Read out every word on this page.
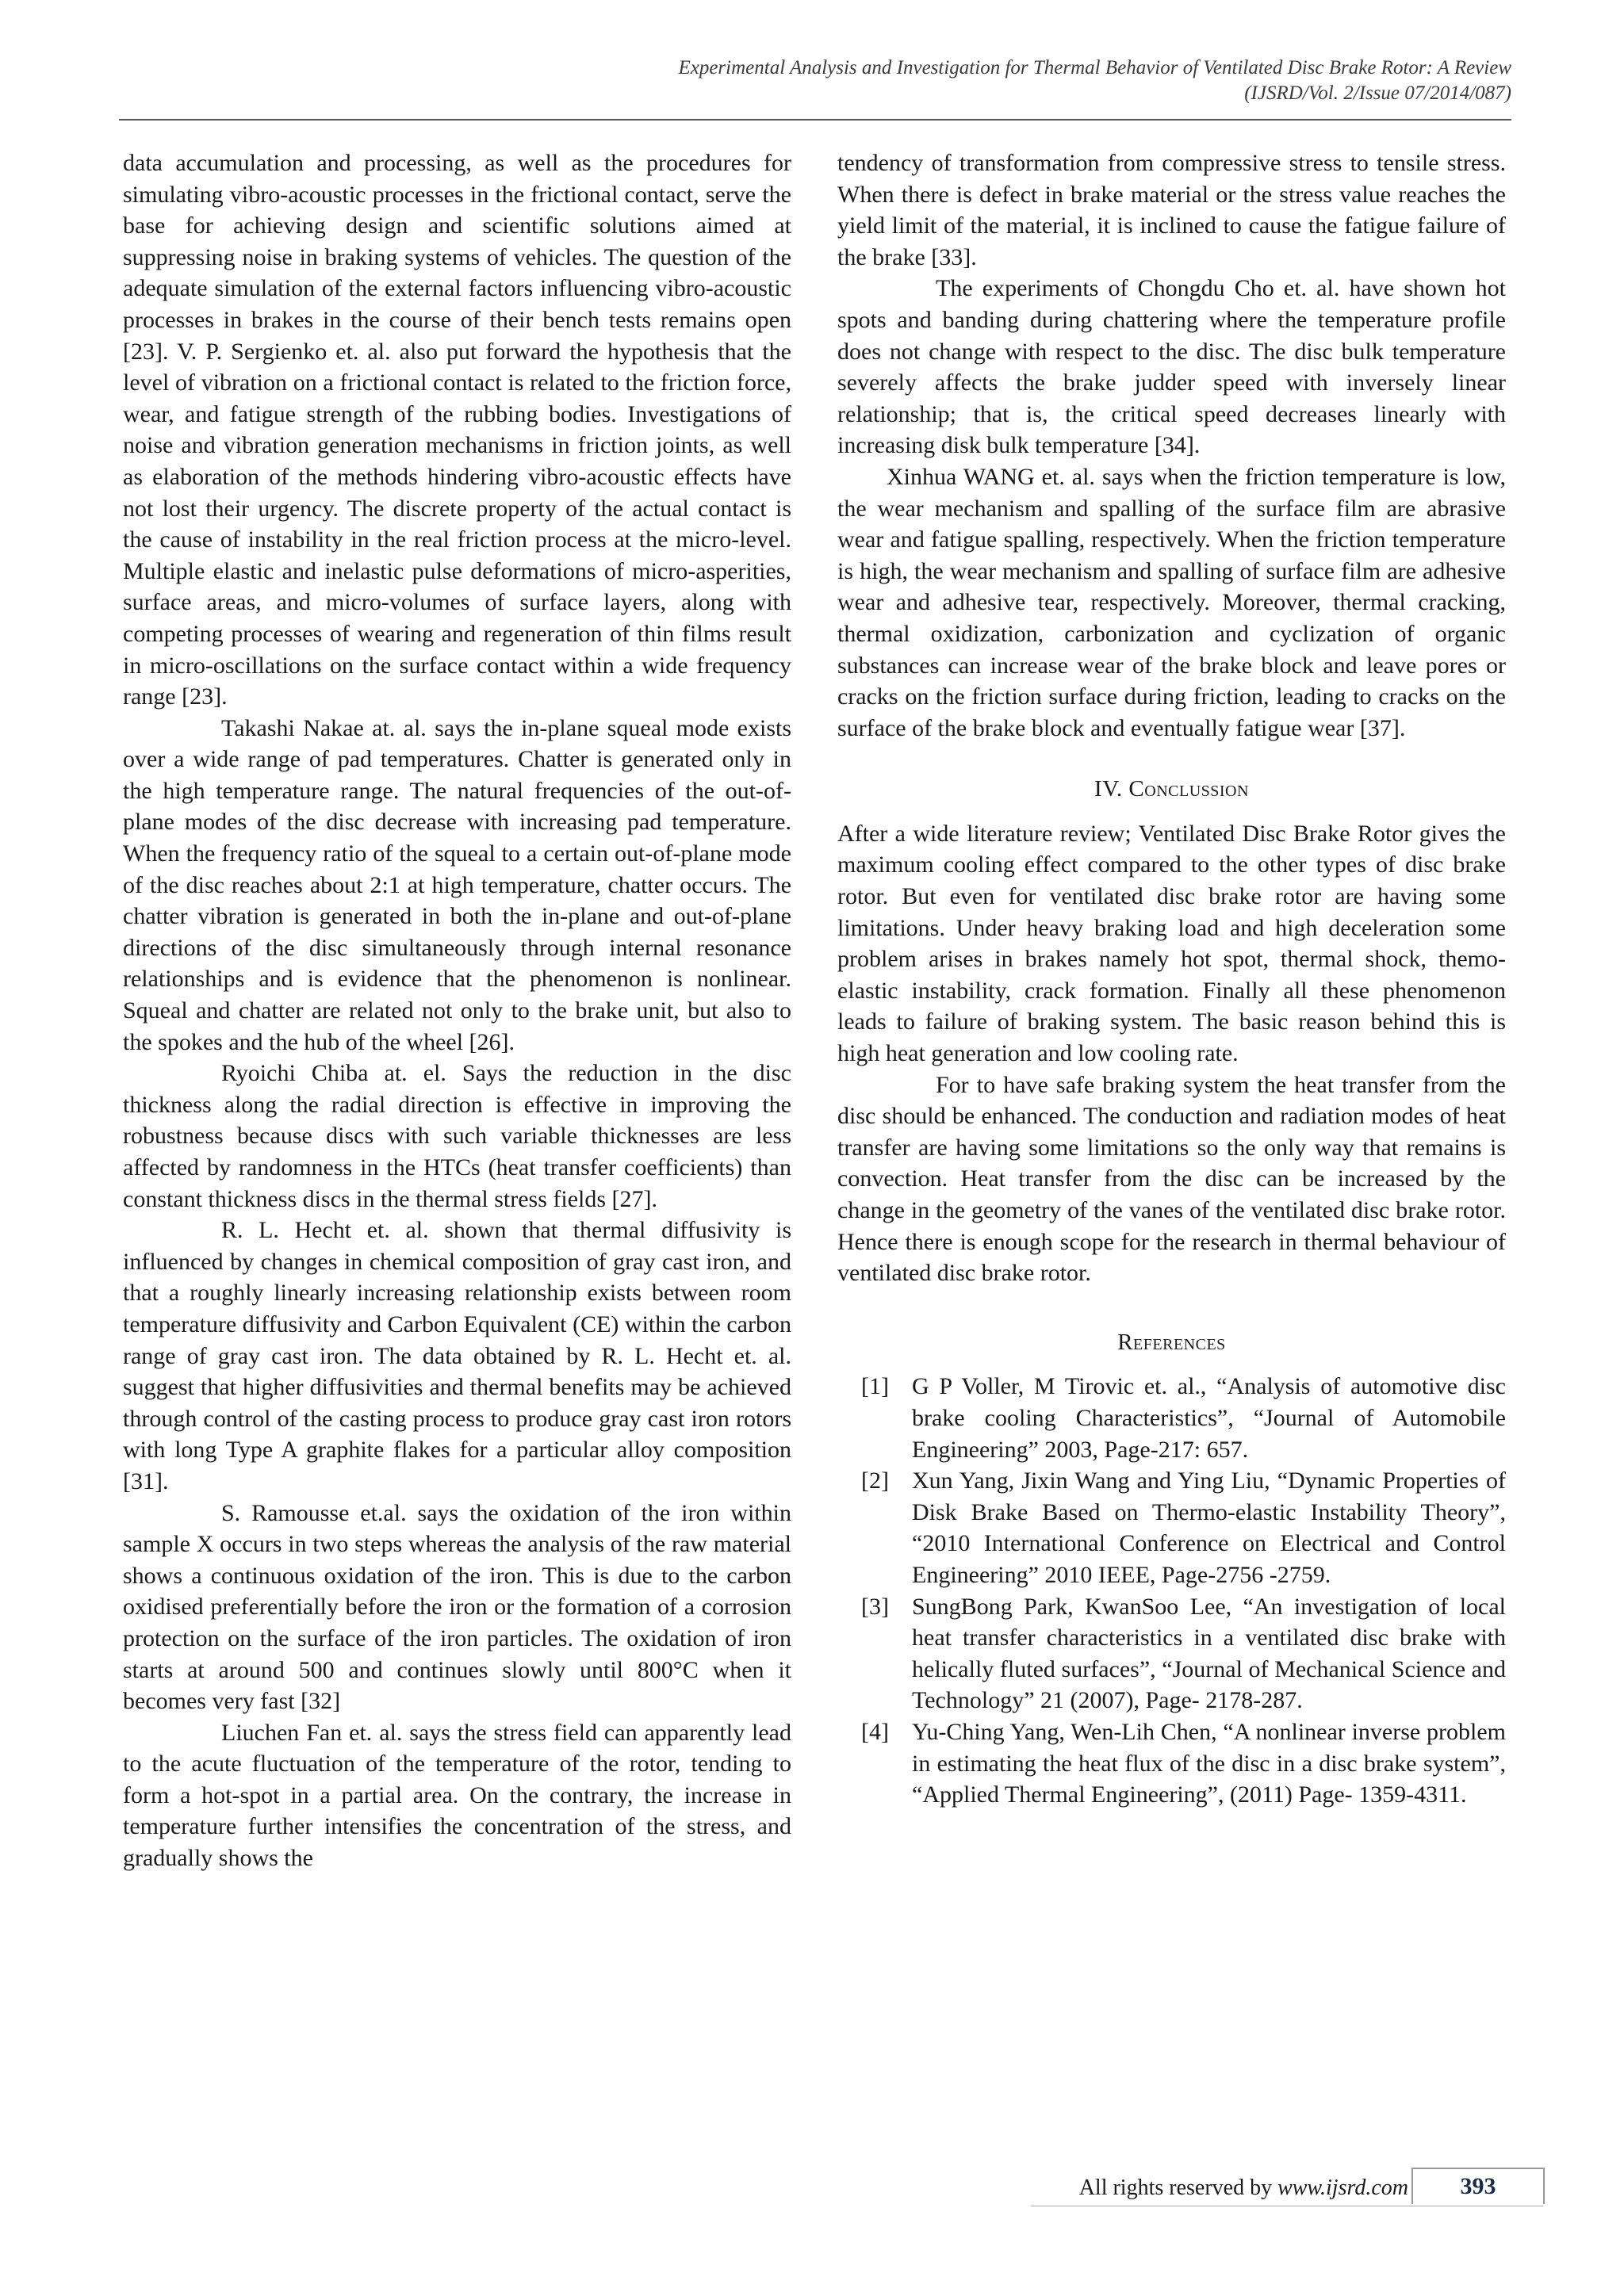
Experimental Analysis and Investigation for Thermal Behavior of Ventilated Disc Brake Rotor: A Review
(IJSRD/Vol. 2/Issue 07/2014/087)

data accumulation and processing, as well as the procedures for simulating vibro-acoustic processes in the frictional contact, serve the base for achieving design and scientific solutions aimed at suppressing noise in braking systems of vehicles. The question of the adequate simulation of the external factors influencing vibro-acoustic processes in brakes in the course of their bench tests remains open [23]. V. P. Sergienko et. al. also put forward the hypothesis that the level of vibration on a frictional contact is related to the friction force, wear, and fatigue strength of the rubbing bodies. Investigations of noise and vibration generation mechanisms in friction joints, as well as elaboration of the methods hindering vibro-acoustic effects have not lost their urgency. The discrete property of the actual contact is the cause of instability in the real friction process at the micro-level. Multiple elastic and inelastic pulse deformations of micro-asperities, surface areas, and micro-volumes of surface layers, along with competing processes of wearing and regeneration of thin films result in micro-oscillations on the surface contact within a wide frequency range [23].

Takashi Nakae at. al. says the in-plane squeal mode exists over a wide range of pad temperatures. Chatter is generated only in the high temperature range. The natural frequencies of the out-of-plane modes of the disc decrease with increasing pad temperature. When the frequency ratio of the squeal to a certain out-of-plane mode of the disc reaches about 2:1 at high temperature, chatter occurs. The chatter vibration is generated in both the in-plane and out-of-plane directions of the disc simultaneously through internal resonance relationships and is evidence that the phenomenon is nonlinear. Squeal and chatter are related not only to the brake unit, but also to the spokes and the hub of the wheel [26].

Ryoichi Chiba at. el. Says the reduction in the disc thickness along the radial direction is effective in improving the robustness because discs with such variable thicknesses are less affected by randomness in the HTCs (heat transfer coefficients) than constant thickness discs in the thermal stress fields [27].

R. L. Hecht et. al. shown that thermal diffusivity is influenced by changes in chemical composition of gray cast iron, and that a roughly linearly increasing relationship exists between room temperature diffusivity and Carbon Equivalent (CE) within the carbon range of gray cast iron. The data obtained by R. L. Hecht et. al. suggest that higher diffusivities and thermal benefits may be achieved through control of the casting process to produce gray cast iron rotors with long Type A graphite flakes for a particular alloy composition [31].

S. Ramousse et.al. says the oxidation of the iron within sample X occurs in two steps whereas the analysis of the raw material shows a continuous oxidation of the iron. This is due to the carbon oxidised preferentially before the iron or the formation of a corrosion protection on the surface of the iron particles. The oxidation of iron starts at around 500 and continues slowly until 800°C when it becomes very fast [32]

Liuchen Fan et. al. says the stress field can apparently lead to the acute fluctuation of the temperature of the rotor, tending to form a hot-spot in a partial area. On the contrary, the increase in temperature further intensifies the concentration of the stress, and gradually shows the

tendency of transformation from compressive stress to tensile stress. When there is defect in brake material or the stress value reaches the yield limit of the material, it is inclined to cause the fatigue failure of the brake [33].

The experiments of Chongdu Cho et. al. have shown hot spots and banding during chattering where the temperature profile does not change with respect to the disc. The disc bulk temperature severely affects the brake judder speed with inversely linear relationship; that is, the critical speed decreases linearly with increasing disk bulk temperature [34].

Xinhua WANG et. al. says when the friction temperature is low, the wear mechanism and spalling of the surface film are abrasive wear and fatigue spalling, respectively. When the friction temperature is high, the wear mechanism and spalling of surface film are adhesive wear and adhesive tear, respectively. Moreover, thermal cracking, thermal oxidization, carbonization and cyclization of organic substances can increase wear of the brake block and leave pores or cracks on the friction surface during friction, leading to cracks on the surface of the brake block and eventually fatigue wear [37].

IV. Conclussion

After a wide literature review; Ventilated Disc Brake Rotor gives the maximum cooling effect compared to the other types of disc brake rotor. But even for ventilated disc brake rotor are having some limitations. Under heavy braking load and high deceleration some problem arises in brakes namely hot spot, thermal shock, themo-elastic instability, crack formation. Finally all these phenomenon leads to failure of braking system. The basic reason behind this is high heat generation and low cooling rate.

For to have safe braking system the heat transfer from the disc should be enhanced. The conduction and radiation modes of heat transfer are having some limitations so the only way that remains is convection. Heat transfer from the disc can be increased by the change in the geometry of the vanes of the ventilated disc brake rotor. Hence there is enough scope for the research in thermal behaviour of ventilated disc brake rotor.

References
[1] G P Voller, M Tirovic et. al., “Analysis of automotive disc brake cooling Characteristics”, “Journal of Automobile Engineering” 2003, Page-217: 657.
[2] Xun Yang, Jixin Wang and Ying Liu, “Dynamic Properties of Disk Brake Based on Thermo-elastic Instability Theory”, “2010 International Conference on Electrical and Control Engineering” 2010 IEEE, Page-2756 -2759.
[3] SungBong Park, KwanSoo Lee, “An investigation of local heat transfer characteristics in a ventilated disc brake with helically fluted surfaces”, “Journal of Mechanical Science and Technology” 21 (2007), Page- 2178-287.
[4] Yu-Ching Yang, Wen-Lih Chen, “A nonlinear inverse problem in estimating the heat flux of the disc in a disc brake system”, “Applied Thermal Engineering”, (2011) Page- 1359-4311.
All rights reserved by www.ijsrd.com	393
